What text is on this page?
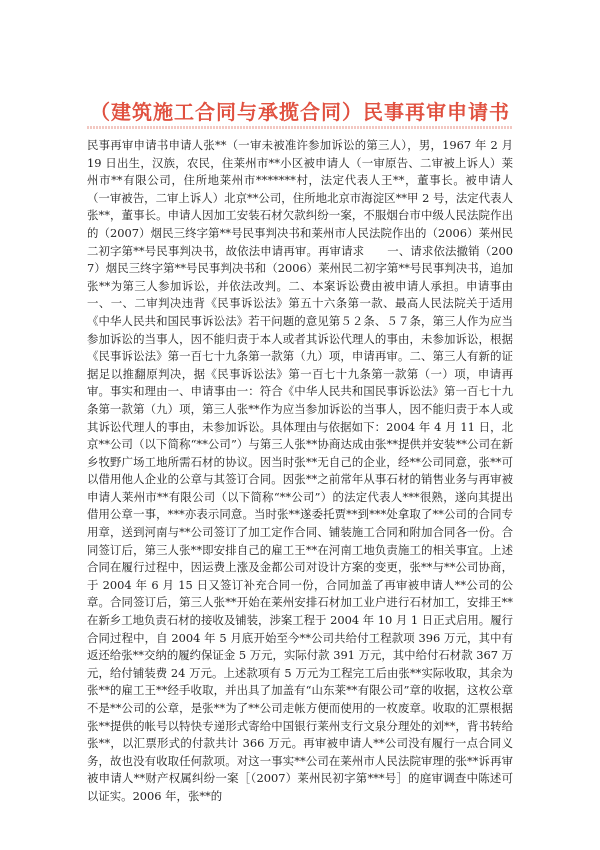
（建筑施工合同与承揽合同）民事再审申请书

民事再审申请书申请人张**（一审未被准许参加诉讼的第三人），男，1967 年 2 月 19 日出生，汉族，农民，住莱州市**小区被申请人（一审原告、二审被上诉人）莱州市**有限公司，住所地莱州市*******村，法定代表人王**，董事长。被申请人（一审被告，二审上诉人）北京**公司，住所地北京市海淀区**甲 2 号，法定代表人张**，董事长。申请人因加工安装石材欠款纠纷一案，不服烟台市中级人民法院作出的（2007）烟民三终字第**号民事判决书和莱州市人民法院作出的（2006）莱州民二初字第**号民事判决书，故依法申请再审。再审请求　　一、请求依法撤销（2007）烟民三终字第**号民事判决书和（2006）莱州民二初字第**号民事判决书，追加张**为第三人参加诉讼，并依法改判。二、本案诉讼费由被申请人承担。申请事由一、一、二审判决违背《民事诉讼法》第五十六条第一款、最高人民法院关于适用《中华人民共和国民事诉讼法》若干问题的意见第５２条、５７条，第三人作为应当参加诉讼的当事人，因不能归责于本人或者其诉讼代理人的事由，未参加诉讼，根据《民事诉讼法》第一百七十九条第一款第（九）项，申请再审。二、第三人有新的证据足以推翻原判决，据《民事诉讼法》第一百七十九条第一款第（一）项，申请再审。事实和理由一、申请事由一：符合《中华人民共和国民事诉讼法》第一百七十九条第一款第（九）项，第三人张**作为应当参加诉讼的当事人，因不能归责于本人或其诉讼代理人的事由，未参加诉讼。具体理由与依据如下：2004 年 4 月 11 日，北京**公司（以下简称“**公司”）与第三人张**协商达成由张**提供并安装**公司在新乡牧野广场工地所需石材的协议。因当时张**无自己的企业，经**公司同意，张**可以借用他人企业的公章与其签订合同。因张**之前常年从事石材的销售业务与再审被申请人莱州市**有限公司（以下简称“**公司”）的法定代表人***很熟，遂向其提出借用公章一事，***亦表示同意。当时张**遂委托贾**到***处拿取了**公司的合同专用章，送到河南与**公司签订了加工定作合同、铺装施工合同和附加合同各一份。合同签订后，第三人张**即安排自己的雇工王**在河南工地负责施工的相关事宜。上述合同在履行过程中，因运费上涨及金都公司对设计方案的变更，张**与**公司协商，于 2004 年 6 月 15 日又签订补充合同一份，合同加盖了再审被申请人**公司的公章。合同签订后，第三人张**开始在莱州安排石材加工业户进行石材加工，安排王**在新乡工地负责石材的接收及铺装，涉案工程于 2004 年 10 月 1 日正式启用。履行合同过程中，自 2004 年 5 月底开始至今**公司共给付工程款项 396 万元，其中有返还给张**交纳的履约保证金 5 万元，实际付款 391 万元，其中给付石材款 367 万元，给付铺装费 24 万元。上述款项有 5 万元为工程完工后由张**实际收取，其余为张**的雇工王**经手收取，并出具了加盖有“山东莱**有限公司”章的收据，这枚公章不是**公司的公章，是张**为了**公司走帐方便而使用的一枚废章。收取的汇票根据张**提供的帐号以特快专递形式寄给中国银行莱州支行文泉分理处的刘**，背书转给张**，以汇票形式的付款共计 366 万元。再审被申请人**公司没有履行一点合同义务，故也没有收取任何款项。对这一事实**公司在莱州市人民法院审理的张**诉再审被申请人**财产权属纠纷一案［（2007）莱州民初字第***号］的庭审调查中陈述可以证实。2006 年，张**的
